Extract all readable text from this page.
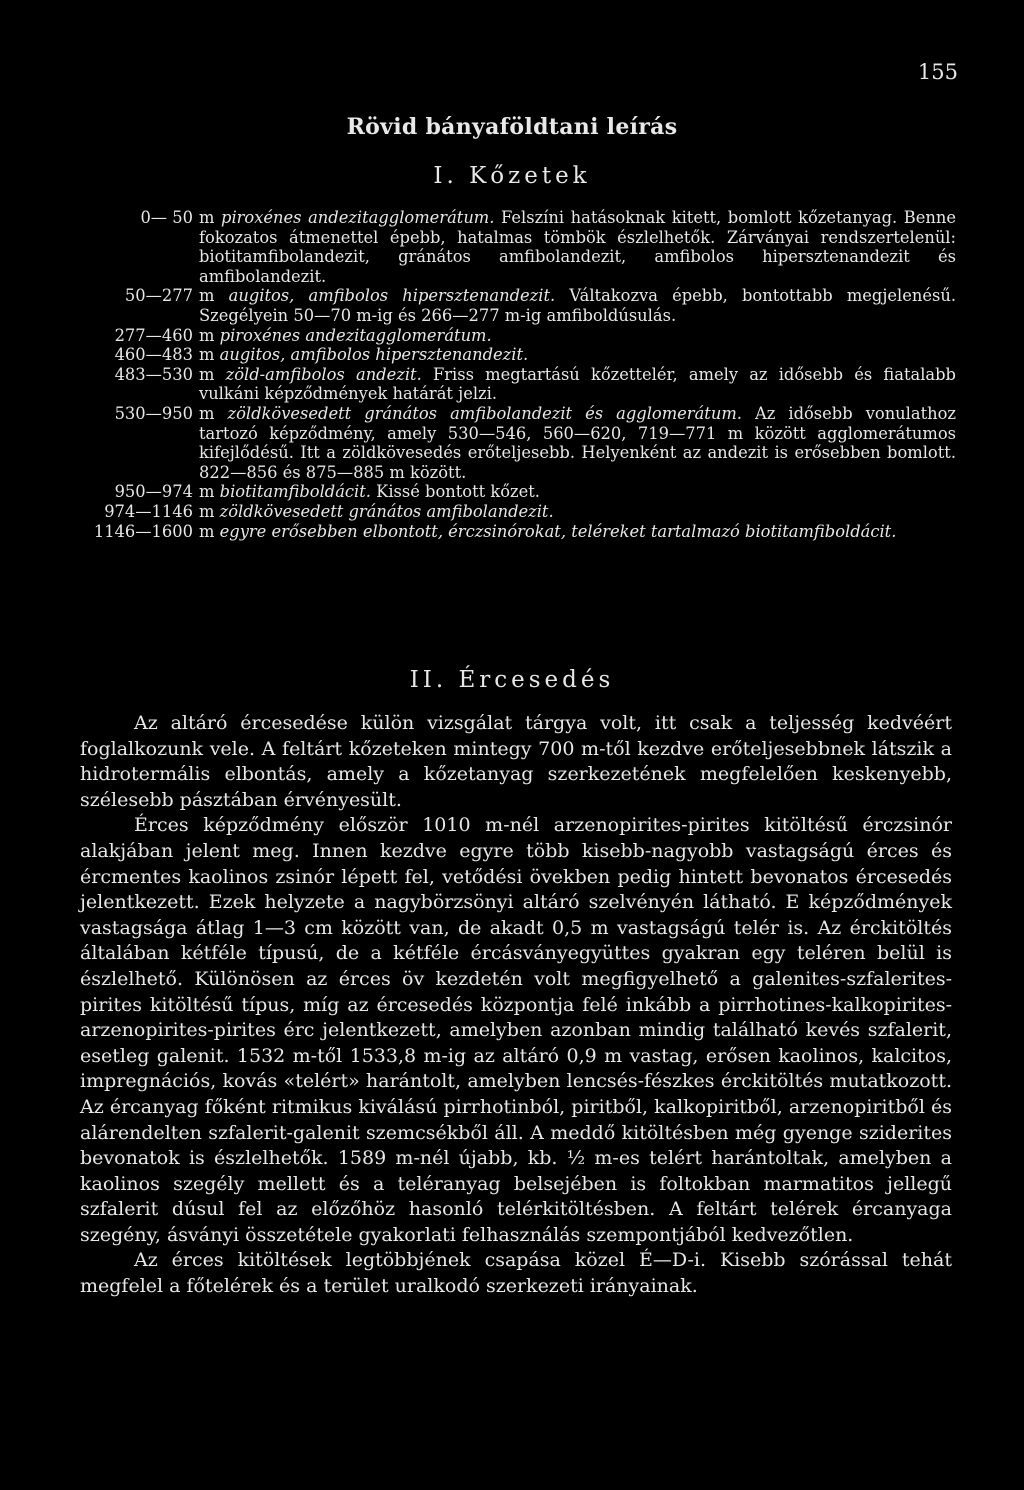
155
Rövid bányaföldtani leírás
I. Kőzetek
0— 50 m piroxénes andezitagglomerátum. Felszíni hatásoknak kitett, bomlott kőzetanyag. Benne fokozatos átmenettel épebb, hatalmas tömbök észlelhetők. Zárványai rendszertelenül: biotitamfibolandezit, gránátos amfibolandezit, amfibolos hipersztenandezit és amfibolandezit.
50—277 m augitos, amfibolos hipersztenandezit. Váltakozva épebb, bontottabb megjelenésű. Szegélyein 50—70 m-ig és 266—277 m-ig amfiboldúsulás.
277—460 m piroxénes andezitagglomerátum.
460—483 m augitos, amfibolos hipersztenandezit.
483—530 m zöld-amfibolos andezit. Friss megtartású kőzettelér, amely az idősebb és fiatalabb vulkáni képződmények határát jelzi.
530—950 m zöldkövesedett gránátos amfibolandezit és agglomerátum. Az idősebb vonulathoz tartozó képződmény, amely 530—546, 560—620, 719—771 m között agglomerátumos kifejlődésű. Itt a zöldkövesedés erőteljesebb. Helyenként az andezit is erősebben bomlott. 822—856 és 875—885 m között.
950—974 m biotitamfiboldácit. Kissé bontott kőzet.
974—1146 m zöldkövesedett gránátos amfibolandezit.
1146—1600 m egyre erősebben elbontott, érczsinórokat, teléreket tartalmazó biotitamfiboldácit.
II. Ércesedés

Az altáró ércesedése külön vizsgálat tárgya volt, itt csak a teljesség kedvéért foglalkozunk vele. A feltárt kőzeteken mintegy 700 m-től kezdve erőteljesebbnek látszik a hidrotermális elbontás, amely a kőzetanyag szerkezetének megfelelően keskenyebb, szélesebb pásztában érvényesült.

Érces képződmény először 1010 m-nél arzenopirites-pirites kitöltésű érczsinór alakjában jelent meg. Innen kezdve egyre több kisebb-nagyobb vastagságú érces és ércmentes kaolinos zsinór lépett fel, vetődési övekben pedig hintett bevonatos ércesedés jelentkezett. Ezek helyzete a nagybörzsönyi altáró szelvényén látható. E képződmények vastagsága átlag 1—3 cm között van, de akadt 0,5 m vastagságú telér is. Az érckitöltés általában kétféle típusú, de a kétféle ércásványegyüttes gyakran egy teléren belül is észlelhető. Különösen az érces öv kezdetén volt megfigyelhető a galenites-szfalerites-pirites kitöltésű típus, míg az ércesedés központja felé inkább a pirrhotines-kalkopirites-arzenopirites-pirites érc jelentkezett, amelyben azonban mindig található kevés szfalerit, esetleg galenit. 1532 m-től 1533,8 m-ig az altáró 0,9 m vastag, erősen kaolinos, kalcitos, impregnációs, kovás «telért» harántolt, amelyben lencsés-fészkes érckitöltés mutatkozott. Az ércanyag főként ritmikus kiválású pirrhotinból, piritből, kalkopiritből, arzenopiritből és alárendelten szfalerit-galenit szemcsékből áll. A meddő kitöltésben még gyenge sziderites bevonatok is észlelhetők. 1589 m-nél újabb, kb. ½ m-es telért harántoltak, amelyben a kaolinos szegély mellett és a teléranyag belsejében is foltokban marmatitos jellegű szfalerit dúsul fel az előzőhöz hasonló telérkitöltésben. A feltárt telérek ércanyaga szegény, ásványi összetétele gyakorlati felhasználás szempontjából kedvezőtlen.

Az érces kitöltések legtöbbjének csapása közel É—D-i. Kisebb szórással tehát megfelel a főtelérek és a terület uralkodó szerkezeti irányainak.
